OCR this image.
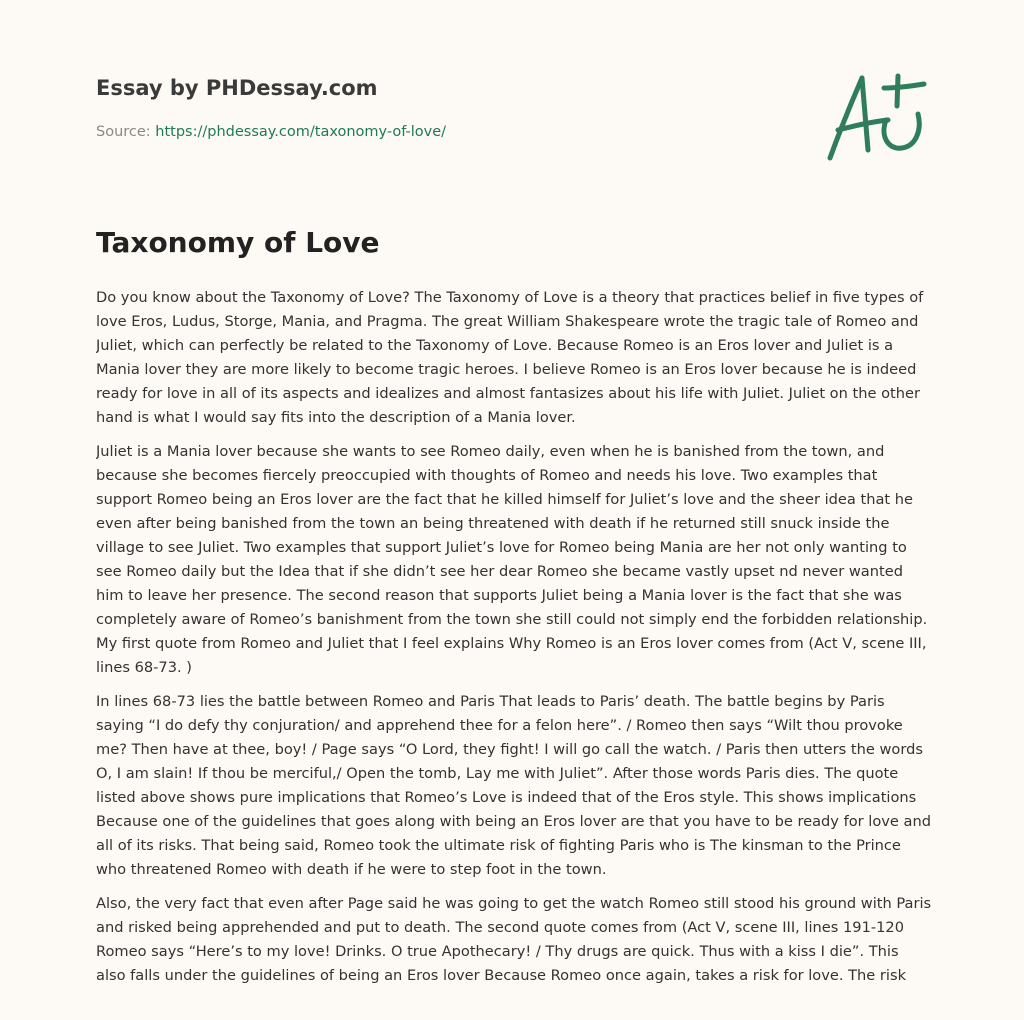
Essay by PHDessay.com
Source: https://phdessay.com/taxonomy-of-love/
Taxonomy of Love

Do you know about the Taxonomy of Love? The Taxonomy of Love is a theory that practices belief in five types of love Eros, Ludus, Storge, Mania, and Pragma. The great William Shakespeare wrote the tragic tale of Romeo and Juliet, which can perfectly be related to the Taxonomy of Love. Because Romeo is an Eros lover and Juliet is a Mania lover they are more likely to become tragic heroes. I believe Romeo is an Eros lover because he is indeed ready for love in all of its aspects and idealizes and almost fantasizes about his life with Juliet. Juliet on the other hand is what I would say fits into the description of a Mania lover.

Juliet is a Mania lover because she wants to see Romeo daily, even when he is banished from the town, and because she becomes fiercely preoccupied with thoughts of Romeo and needs his love. Two examples that support Romeo being an Eros lover are the fact that he killed himself for Juliet’s love and the sheer idea that he even after being banished from the town an being threatened with death if he returned still snuck inside the village to see Juliet. Two examples that support Juliet’s love for Romeo being Mania are her not only wanting to see Romeo daily but the Idea that if she didn’t see her dear Romeo she became vastly upset nd never wanted him to leave her presence. The second reason that supports Juliet being a Mania lover is the fact that she was completely aware of Romeo’s banishment from the town she still could not simply end the forbidden relationship. My first quote from Romeo and Juliet that I feel explains Why Romeo is an Eros lover comes from (Act V, scene III, lines 68-73. )

In lines 68-73 lies the battle between Romeo and Paris That leads to Paris’ death. The battle begins by Paris saying “I do defy thy conjuration/ and apprehend thee for a felon here”. / Romeo then says “Wilt thou provoke me? Then have at thee, boy! / Page says “O Lord, they fight! I will go call the watch. / Paris then utters the words O, I am slain! If thou be merciful,/ Open the tomb, Lay me with Juliet”. After those words Paris dies. The quote listed above shows pure implications that Romeo’s Love is indeed that of the Eros style. This shows implications Because one of the guidelines that goes along with being an Eros lover are that you have to be ready for love and all of its risks. That being said, Romeo took the ultimate risk of fighting Paris who is The kinsman to the Prince who threatened Romeo with death if he were to step foot in the town.

Also, the very fact that even after Page said he was going to get the watch Romeo still stood his ground with Paris and risked being apprehended and put to death. The second quote comes from (Act V, scene III, lines 191-120 Romeo says “Here’s to my love! Drinks. O true Apothecary! / Thy drugs are quick. Thus with a kiss I die”. This also falls under the guidelines of being an Eros lover Because Romeo once again, takes a risk for love. The risk
